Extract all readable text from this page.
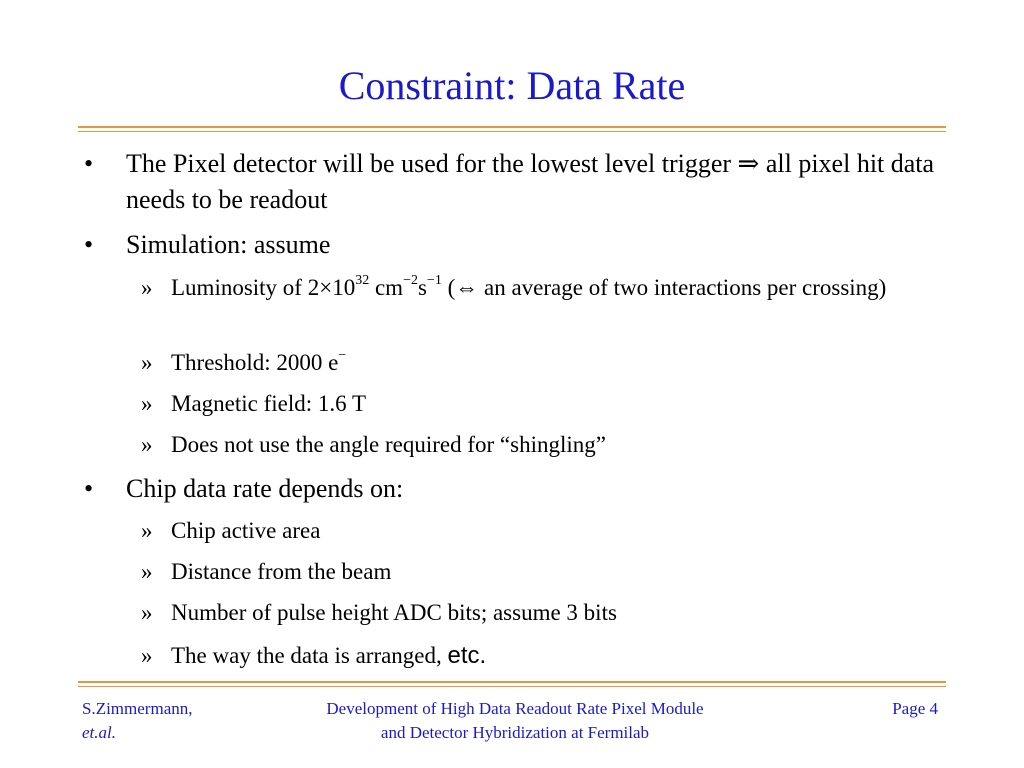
Constraint: Data Rate
•	The Pixel detector will be used for the lowest level trigger ⇒ all pixel hit data needs to be readout
•	Simulation: assume
» Luminosity of $2\times 10^{32}$ $cm^{-2}s^{-1}$ (⇔ an average of two interactions per crossing)
» Threshold: 2000 e−
» Magnetic field: 1.6 T
» Does not use the angle required for “shingling”
•	Chip data rate depends on:
» Chip active area
» Distance from the beam
» Number of pulse height ADC bits; assume 3 bits
» The way the data is arranged, etc.
S.Zimmermann,
et.al.
Development of High Data Readout Rate Pixel Module
and Detector Hybridization at Fermilab
Page 4
